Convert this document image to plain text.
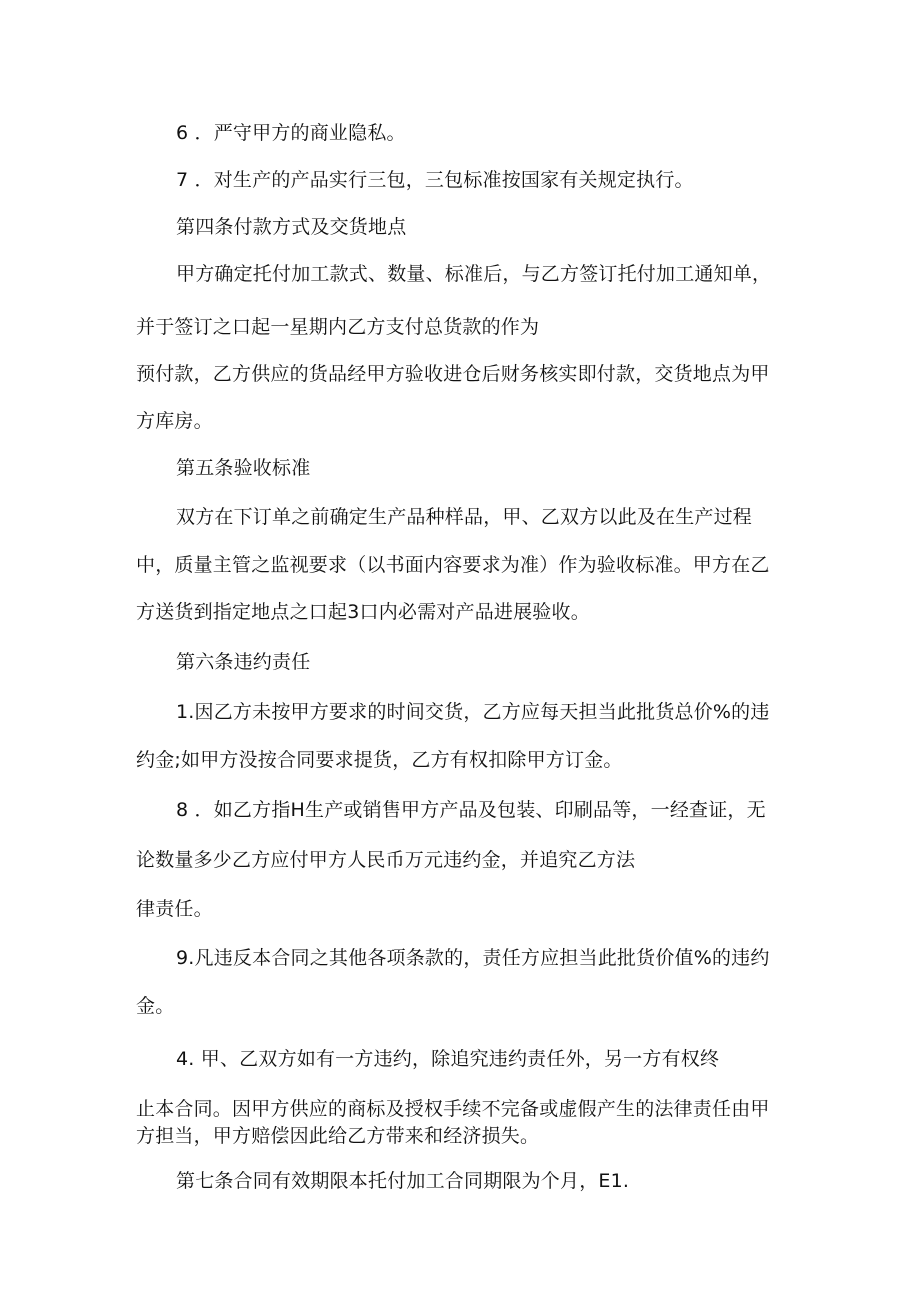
6 ．严守甲方的商业隐私。
7 ．对生产的产品实行三包，三包标准按国家有关规定执行。
第四条付款方式及交货地点
甲方确定托付加工款式、数量、标准后，与乙方签订托付加工通知单，
并于签订之口起一星期内乙方支付总货款的作为
预付款，乙方供应的货品经甲方验收进仓后财务核实即付款，交货地点为甲
方库房。
第五条验收标准
双方在下订单之前确定生产品种样品，甲、乙双方以此及在生产过程
中，质量主管之监视要求（以书面内容要求为准）作为验收标准。甲方在乙
方送货到指定地点之口起3口内必需对产品进展验收。
第六条违约责任
1.因乙方未按甲方要求的时间交货，乙方应每天担当此批货总价%的违
约金;如甲方没按合同要求提货，乙方有权扣除甲方订金。
8 ．如乙方指H生产或销售甲方产品及包装、印刷品等，一经查证，无
论数量多少乙方应付甲方人民币万元违约金，并追究乙方法
律责任。
9.凡违反本合同之其他各项条款的，责任方应担当此批货价值%的违约
金。
4. 甲、乙双方如有一方违约，除追究违约责任外，另一方有权终
止本合同。因甲方供应的商标及授权手续不完备或虚假产生的法律责任由甲
方担当，甲方赔偿因此给乙方带来和经济损失。
第七条合同有效期限本托付加工合同期限为个月，E1.
